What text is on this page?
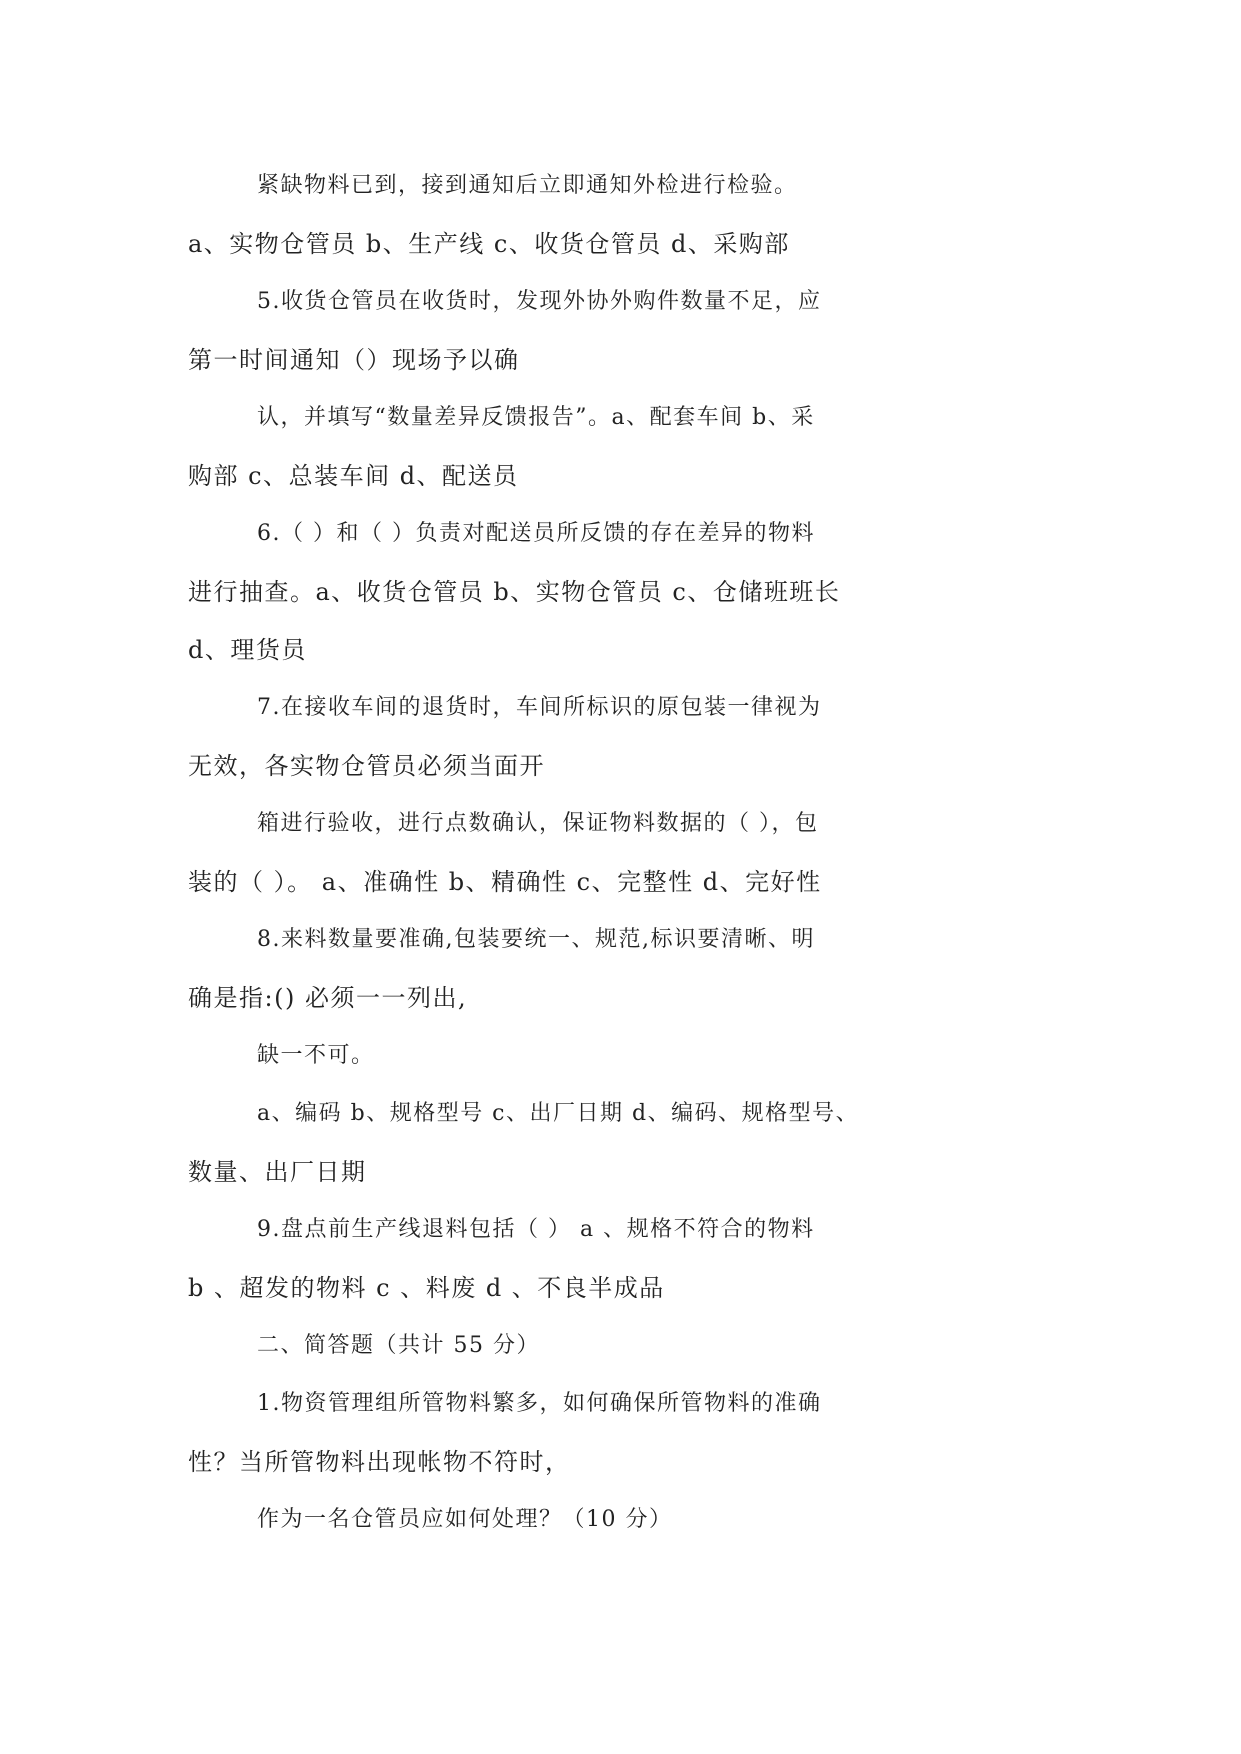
紧缺物料已到，接到通知后立即通知外检进行检验。
a、实物仓管员 b、生产线 c、收货仓管员 d、采购部
5.收货仓管员在收货时，发现外协外购件数量不足，应
第一时间通知（）现场予以确
认，并填写“数量差异反馈报告”。a、配套车间 b、采
购部 c、总装车间 d、配送员
6.（ ）和（ ）负责对配送员所反馈的存在差异的物料
进行抽查。a、收货仓管员 b、实物仓管员 c、仓储班班长
d、理货员
7.在接收车间的退货时，车间所标识的原包装一律视为
无效，各实物仓管员必须当面开
箱进行验收，进行点数确认，保证物料数据的（ ），包
装的（ ）。 a、准确性 b、精确性 c、完整性 d、完好性
8.来料数量要准确,包装要统一、规范,标识要清晰、明
确是指:() 必须一一列出,
缺一不可。
a、编码 b、规格型号 c、出厂日期 d、编码、规格型号、
数量、出厂日期
9.盘点前生产线退料包括（ ） a 、规格不符合的物料
b 、超发的物料 c 、料废 d 、不良半成品
二、简答题（共计 55 分）
1.物资管理组所管物料繁多，如何确保所管物料的准确
性？当所管物料出现帐物不符时，
作为一名仓管员应如何处理？（10 分）
